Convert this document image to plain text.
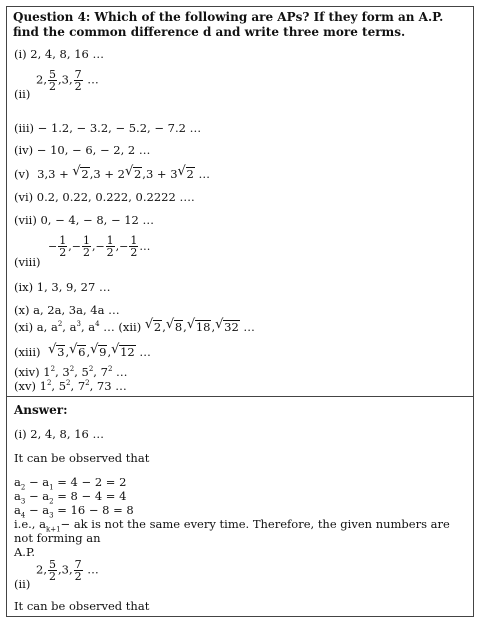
Question 4: Which of the following are APs? If they form an A.P. find the common difference d and write three more terms.
(i) 2, 4, 8, 16 …
(ii)
2, $\frac{5}{2} ,3$, $\frac{7}{2}$ …
(iii) − 1.2, − 3.2, − 5.2, − 7.2 …
(iv) − 10, − 6, − 2, 2 …
(v) 3,3 + √ 2,3 + 2 √ 2,3 + 3 √ 2 …
(vi) 0.2, 0.22, 0.222, 0.2222 ….
(vii) 0, − 4, − 8, − 12 …
(viii)
− $\frac{1}{2}$ ,− $\frac{1}{2}$ ,− $\frac{1}{2}$ ,− $\frac{1}{2}$ …
(ix) 1, 3, 9, 27 …
(x) a, 2a, 3a, 4a …
(xi) a, $a^2$, $a^3$, $a^4$ … (xii) √ 2, √ 8, √ 18, √ 32 …
(xiii) √ 3, √ 6, √ 9, √ 12 …
(xiv) $1^2$, $3^2$, $5^2$, $7^2$ …
(xv) $1^2$, $5^2$, $7^2$, 73 …
Answer:
(i) 2, 4, 8, 16 …
It can be observed that
$a_2 - a_1 = 4 - 2 = 2$
$a_3 - a_2 = 8 - 4 = 4$
$a_4 - a_3 = 16 - 8 = 8$
i.e., $a_{k+1}-$ ak is not the same every time. Therefore, the given numbers are not forming an
A.P.
(ii)
2, $\frac{5}{2} ,3$, $\frac{7}{2}$ …
It can be observed that
